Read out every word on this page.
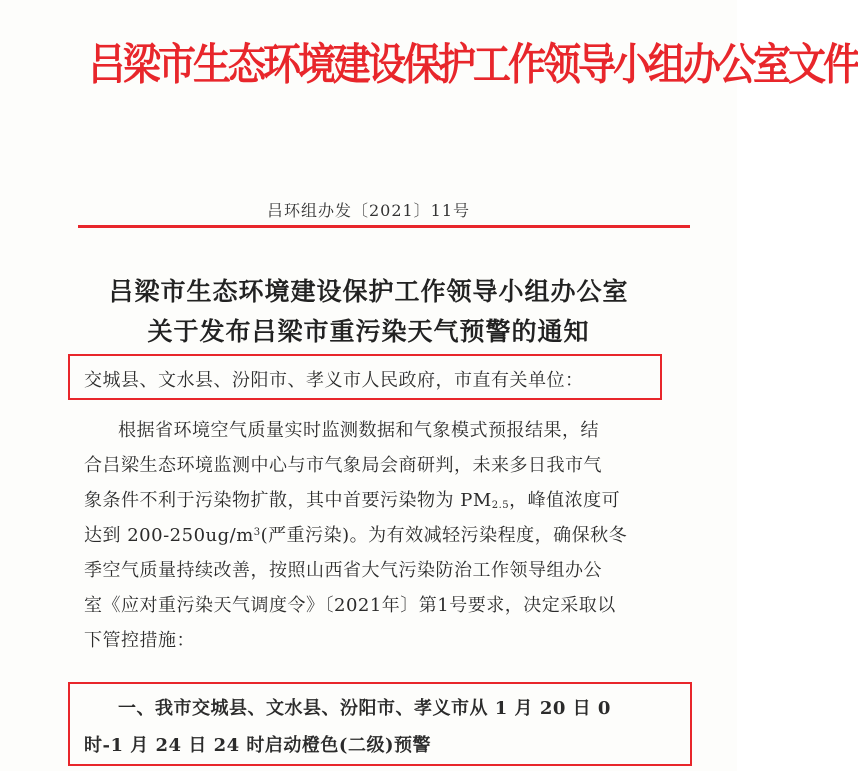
吕梁市生态环境建设保护工作领导小组办公室文件
吕环组办发〔2021〕11号
吕梁市生态环境建设保护工作领导小组办公室
关于发布吕梁市重污染天气预警的通知
交城县、文水县、汾阳市、孝义市人民政府，市直有关单位：
根据省环境空气质量实时监测数据和气象模式预报结果，结
合吕梁生态环境监测中心与市气象局会商研判，未来多日我市气
象条件不利于污染物扩散，其中首要污染物为 $PM_{2.5}$，峰值浓度可
达到 $200-250ug/m^3$(严重污染)。为有效减轻污染程度，确保秋冬
季空气质量持续改善，按照山西省大气污染防治工作领导组办公
室《应对重污染天气调度令》〔2021年〕第1号要求，决定采取以
下管控措施：
一、我市交城县、文水县、汾阳市、孝义市从 1 月 20 日 0
时-1 月 24 日 24 时启动橙色(二级)预警
